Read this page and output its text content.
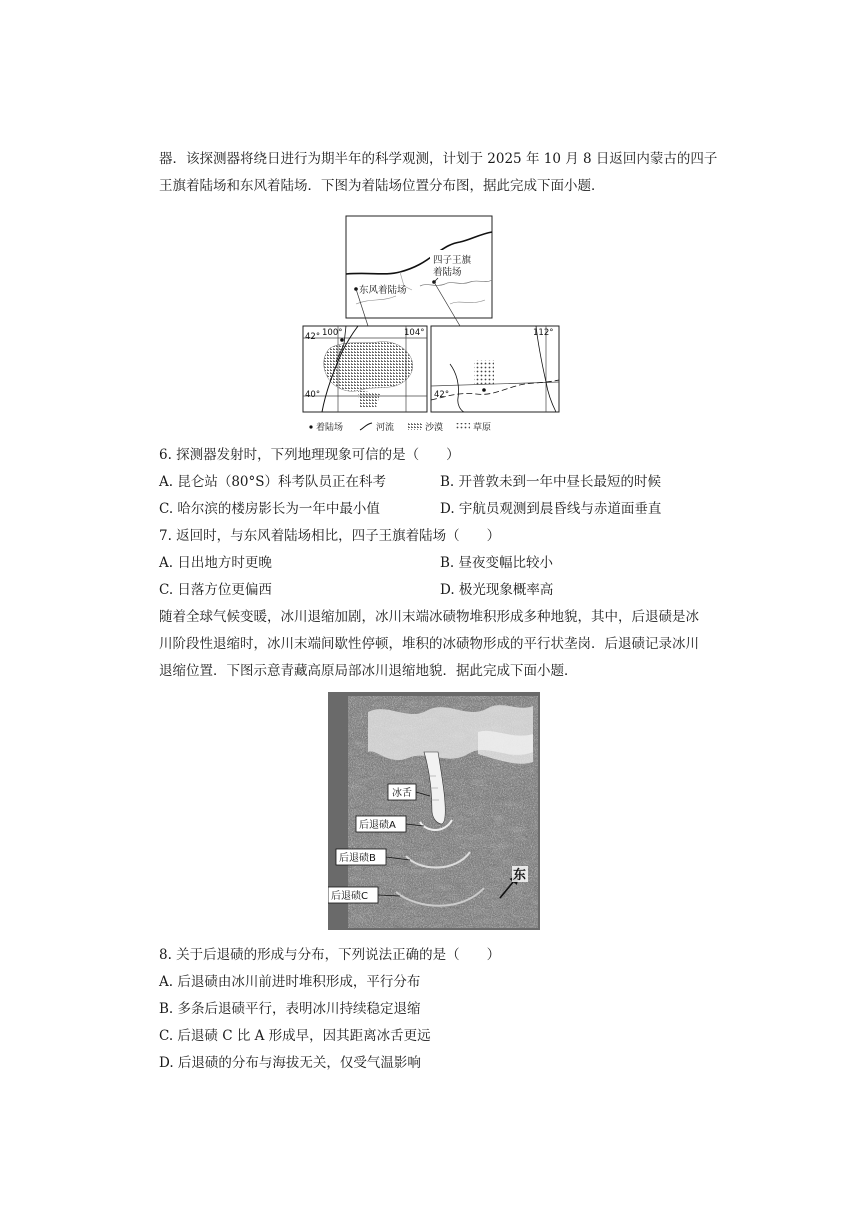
器．该探测器将绕日进行为期半年的科学观测，计划于 2025 年 10 月 8 日返回内蒙古的四子
王旗着陆场和东风着陆场．下图为着陆场位置分布图，据此完成下面小题．
四子王旗
着陆场
东风着陆场
42°
40°
100°	104°
42°
112°
着陆场	河流	沙漠	草原
6. 探测器发射时，下列地理现象可信的是（　　）
A. 昆仑站（80°S）科考队员正在科考	B. 开普敦未到一年中昼长最短的时候
C. 哈尔滨的楼房影长为一年中最小值	D. 宇航员观测到晨昏线与赤道面垂直
7. 返回时，与东风着陆场相比，四子王旗着陆场（　　）
A. 日出地方时更晚	B. 昼夜变幅比较小
C. 日落方位更偏西	D. 极光现象概率高
随着全球气候变暖，冰川退缩加剧，冰川末端冰碛物堆积形成多种地貌，其中，后退碛是冰
川阶段性退缩时，冰川末端间歇性停顿，堆积的冰碛物形成的平行状垄岗．后退碛记录冰川
退缩位置．下图示意青藏高原局部冰川退缩地貌．据此完成下面小题．
冰舌
后退碛A
后退碛B
后退碛C
东
8. 关于后退碛的形成与分布，下列说法正确的是（　　）
A. 后退碛由冰川前进时堆积形成，平行分布
B. 多条后退碛平行，表明冰川持续稳定退缩
C. 后退碛 C 比 A 形成早，因其距离冰舌更远
D. 后退碛的分布与海拔无关，仅受气温影响
